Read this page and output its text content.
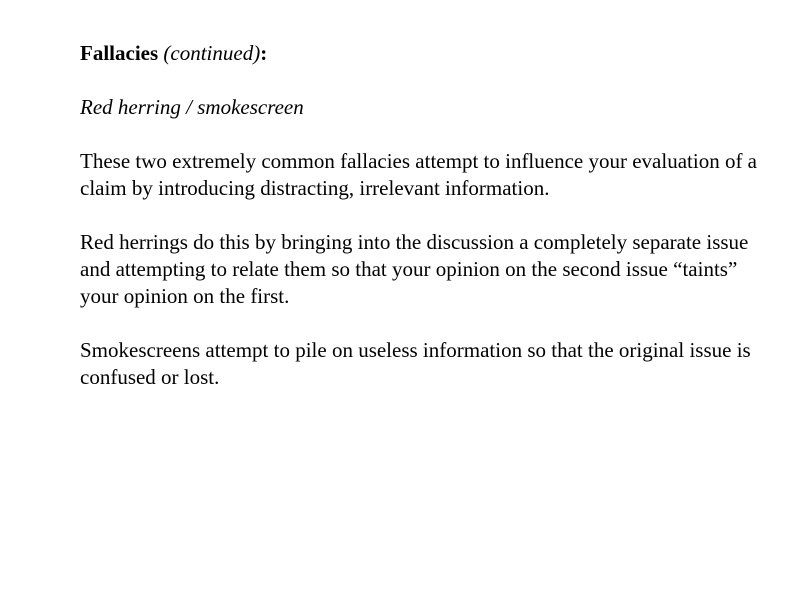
Fallacies (continued):

Red herring / smokescreen

These two extremely common fallacies attempt to influence your evaluation of a claim by introducing distracting, irrelevant information.

Red herrings do this by bringing into the discussion a completely separate issue and attempting to relate them so that your opinion on the second issue “taints” your opinion on the first.

Smokescreens attempt to pile on useless information so that the original issue is confused or lost.
